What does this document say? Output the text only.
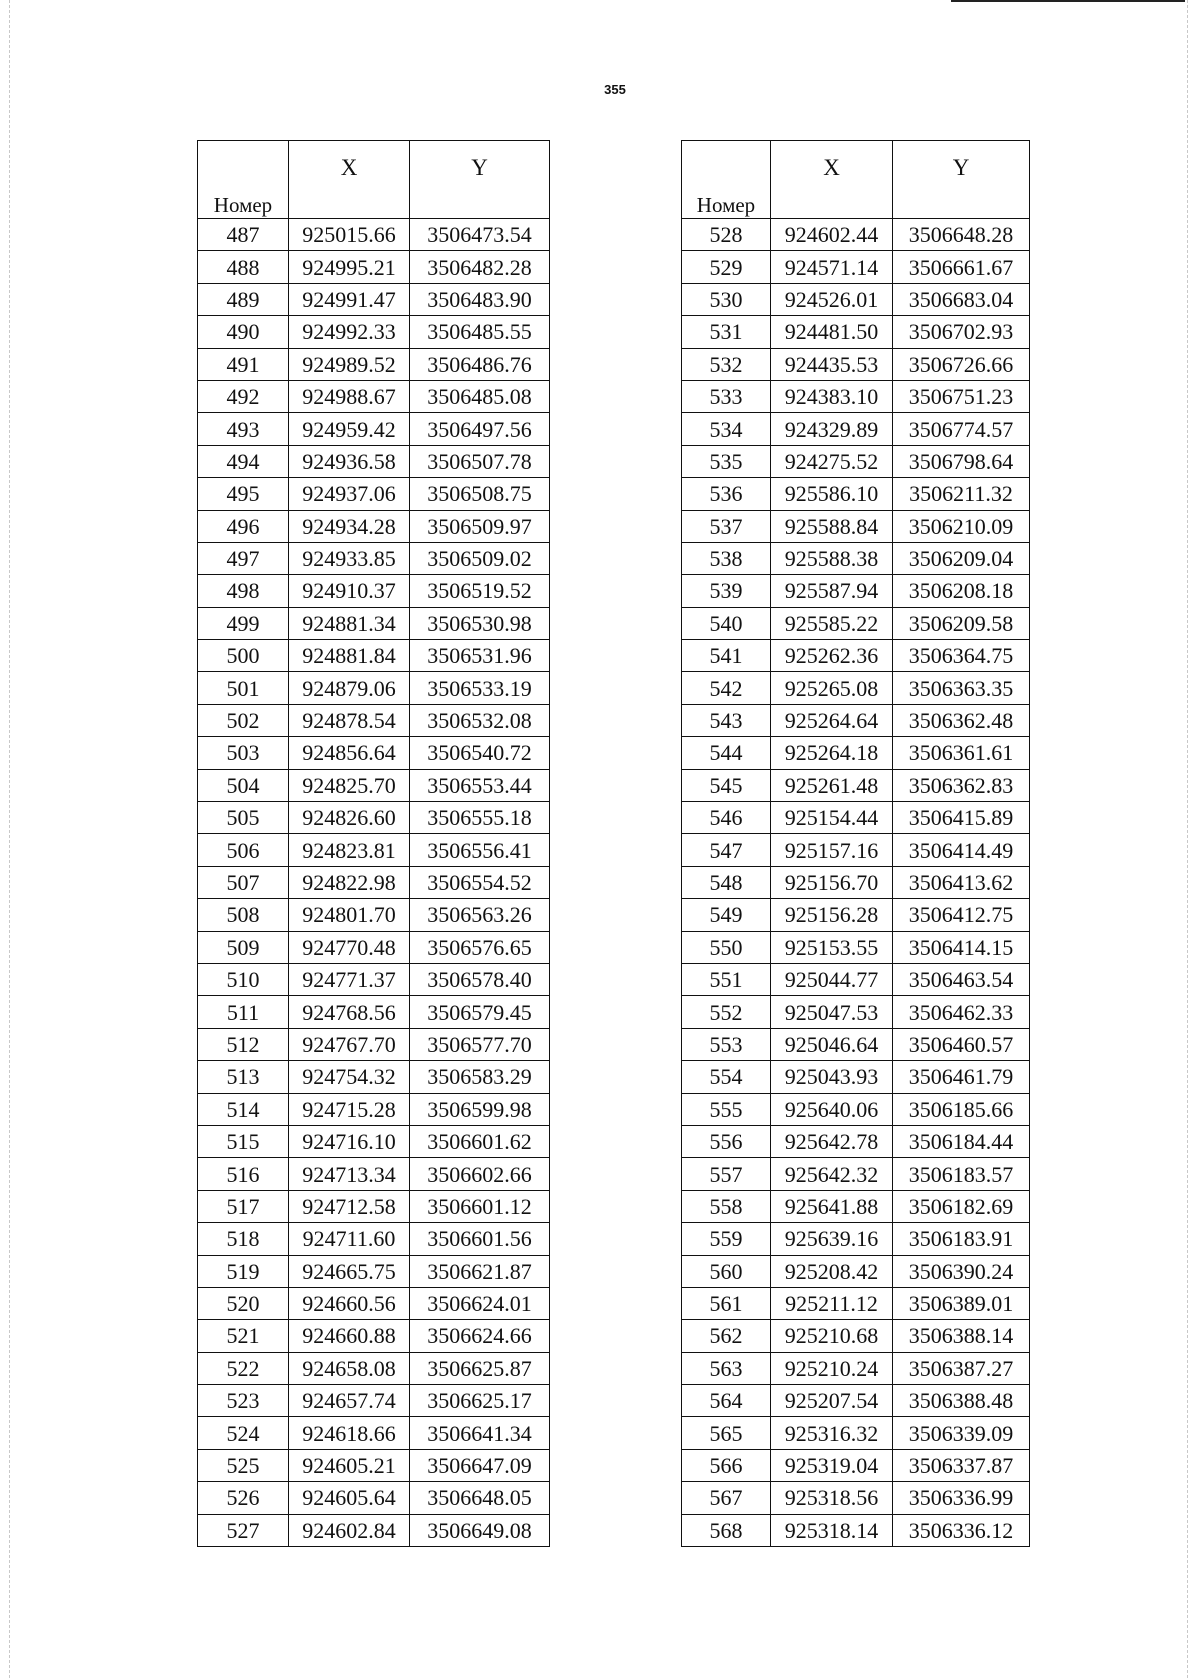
355
Номер	X	Y
487	925015.66	3506473.54
488	924995.21	3506482.28
489	924991.47	3506483.90
490	924992.33	3506485.55
491	924989.52	3506486.76
492	924988.67	3506485.08
493	924959.42	3506497.56
494	924936.58	3506507.78
495	924937.06	3506508.75
496	924934.28	3506509.97
497	924933.85	3506509.02
498	924910.37	3506519.52
499	924881.34	3506530.98
500	924881.84	3506531.96
501	924879.06	3506533.19
502	924878.54	3506532.08
503	924856.64	3506540.72
504	924825.70	3506553.44
505	924826.60	3506555.18
506	924823.81	3506556.41
507	924822.98	3506554.52
508	924801.70	3506563.26
509	924770.48	3506576.65
510	924771.37	3506578.40
511	924768.56	3506579.45
512	924767.70	3506577.70
513	924754.32	3506583.29
514	924715.28	3506599.98
515	924716.10	3506601.62
516	924713.34	3506602.66
517	924712.58	3506601.12
518	924711.60	3506601.56
519	924665.75	3506621.87
520	924660.56	3506624.01
521	924660.88	3506624.66
522	924658.08	3506625.87
523	924657.74	3506625.17
524	924618.66	3506641.34
525	924605.21	3506647.09
526	924605.64	3506648.05
527	924602.84	3506649.08
Номер	X	Y
528	924602.44	3506648.28
529	924571.14	3506661.67
530	924526.01	3506683.04
531	924481.50	3506702.93
532	924435.53	3506726.66
533	924383.10	3506751.23
534	924329.89	3506774.57
535	924275.52	3506798.64
536	925586.10	3506211.32
537	925588.84	3506210.09
538	925588.38	3506209.04
539	925587.94	3506208.18
540	925585.22	3506209.58
541	925262.36	3506364.75
542	925265.08	3506363.35
543	925264.64	3506362.48
544	925264.18	3506361.61
545	925261.48	3506362.83
546	925154.44	3506415.89
547	925157.16	3506414.49
548	925156.70	3506413.62
549	925156.28	3506412.75
550	925153.55	3506414.15
551	925044.77	3506463.54
552	925047.53	3506462.33
553	925046.64	3506460.57
554	925043.93	3506461.79
555	925640.06	3506185.66
556	925642.78	3506184.44
557	925642.32	3506183.57
558	925641.88	3506182.69
559	925639.16	3506183.91
560	925208.42	3506390.24
561	925211.12	3506389.01
562	925210.68	3506388.14
563	925210.24	3506387.27
564	925207.54	3506388.48
565	925316.32	3506339.09
566	925319.04	3506337.87
567	925318.56	3506336.99
568	925318.14	3506336.12
